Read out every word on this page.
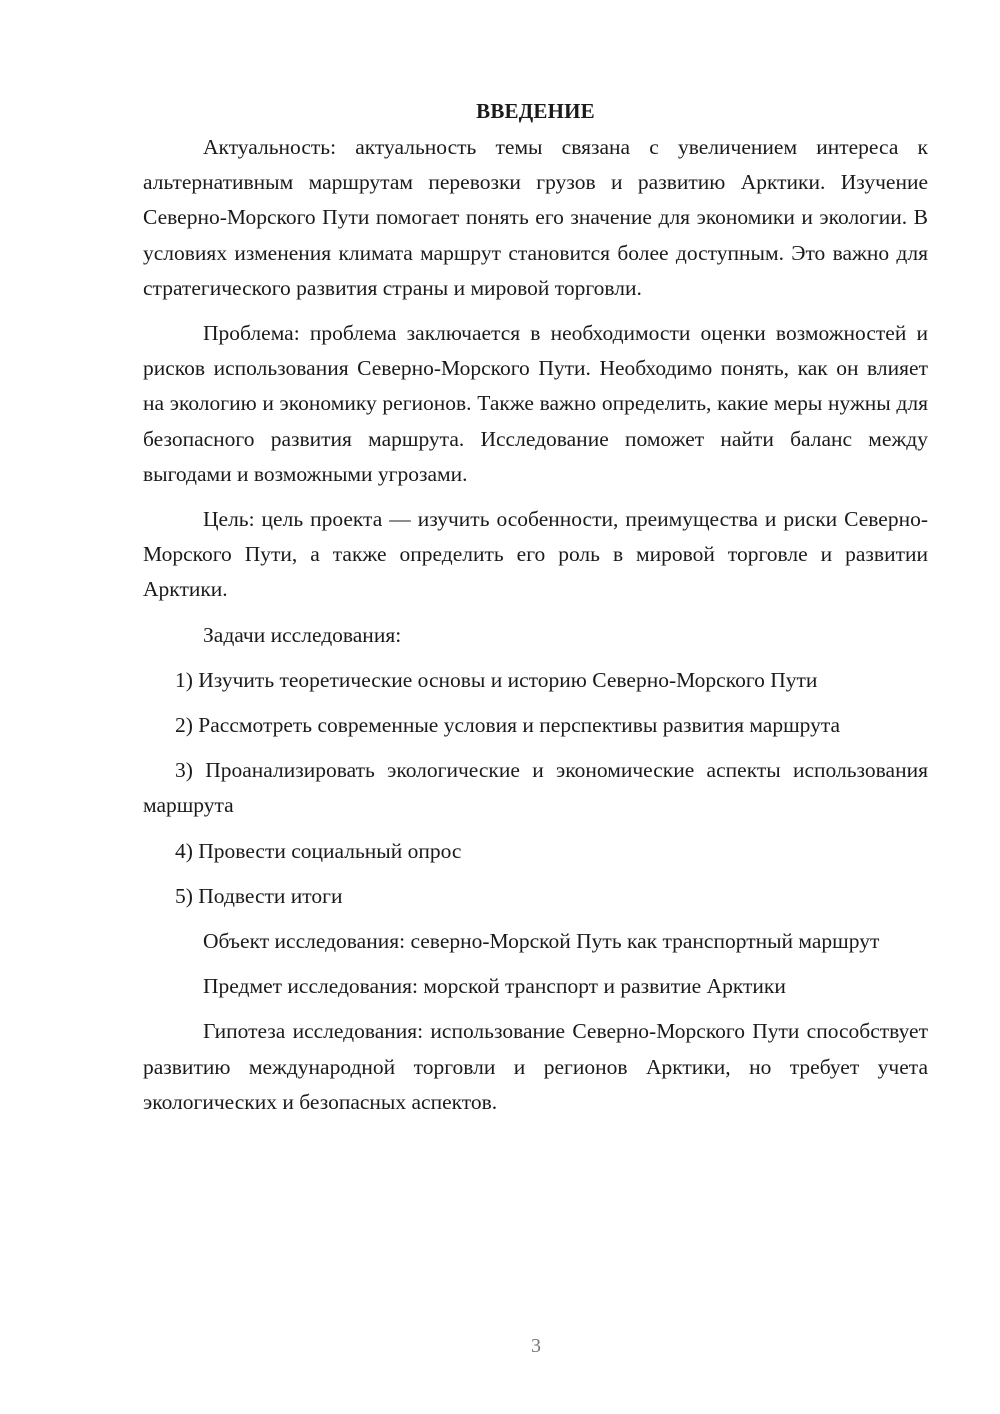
ВВЕДЕНИЕ

Актуальность: актуальность темы связана с увеличением интереса к альтернативным маршрутам перевозки грузов и развитию Арктики. Изучение Северно-Морского Пути помогает понять его значение для экономики и экологии. В условиях изменения климата маршрут становится более доступным. Это важно для стратегического развития страны и мировой торговли.

Проблема: проблема заключается в необходимости оценки возможностей и рисков использования Северно-Морского Пути. Необходимо понять, как он влияет на экологию и экономику регионов. Также важно определить, какие меры нужны для безопасного развития маршрута. Исследование поможет найти баланс между выгодами и возможными угрозами.

Цель: цель проекта — изучить особенности, преимущества и риски Северно-Морского Пути, а также определить его роль в мировой торговле и развитии Арктики.

Задачи исследования:

1) Изучить теоретические основы и историю Северно-Морского Пути

2) Рассмотреть современные условия и перспективы развития маршрута

3) Проанализировать экологические и экономические аспекты использования маршрута

4) Провести социальный опрос

5) Подвести итоги

Объект исследования: северно-Морской Путь как транспортный маршрут

Предмет исследования: морской транспорт и развитие Арктики

Гипотеза исследования: использование Северно-Морского Пути способствует развитию международной торговли и регионов Арктики, но требует учета экологических и безопасных аспектов.

3
